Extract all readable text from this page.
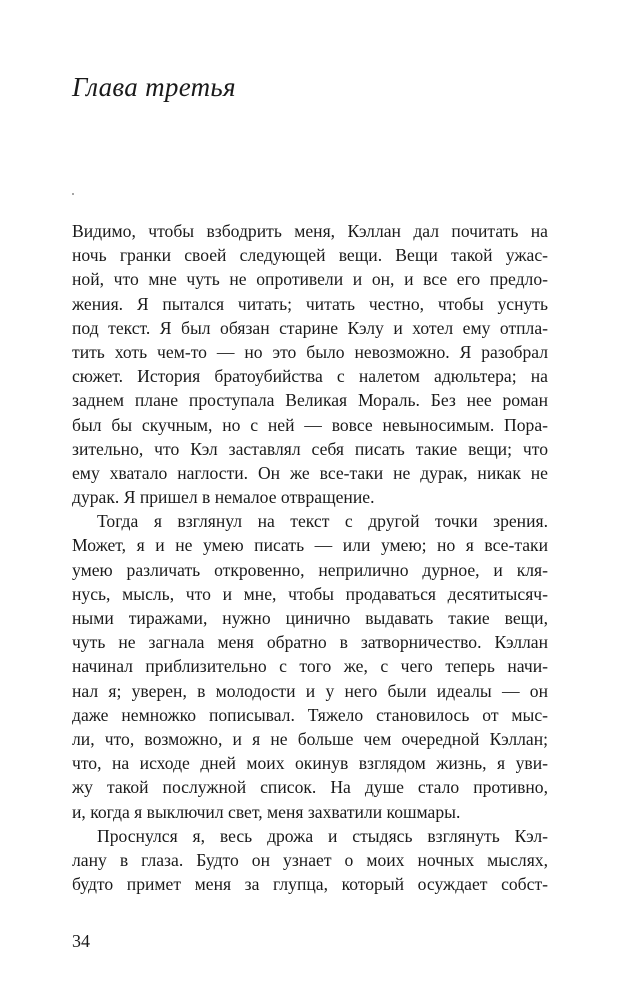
Глава третья
Видимо, чтобы взбодрить меня, Кэллан дал почитать на
ночь гранки своей следующей вещи. Вещи такой ужас-
ной, что мне чуть не опротивели и он, и все его предло-
жения. Я пытался читать; читать честно, чтобы уснуть
под текст. Я был обязан старине Кэлу и хотел ему отпла-
тить хоть чем-то — но это было невозможно. Я разобрал
сюжет. История братоубийства с налетом адюльтера; на
заднем плане проступала Великая Мораль. Без нее роман
был бы скучным, но с ней — вовсе невыносимым. Пора-
зительно, что Кэл заставлял себя писать такие вещи; что
ему хватало наглости. Он же все-таки не дурак, никак не
дурак. Я пришел в немалое отвращение.
Тогда я взглянул на текст с другой точки зрения.
Может, я и не умею писать — или умею; но я все-таки
умею различать откровенно, неприлично дурное, и кля-
нусь, мысль, что и мне, чтобы продаваться десятитысяч-
ными тиражами, нужно цинично выдавать такие вещи,
чуть не загнала меня обратно в затворничество. Кэллан
начинал приблизительно с того же, с чего теперь начи-
нал я; уверен, в молодости и у него были идеалы — он
даже немножко пописывал. Тяжело становилось от мыс-
ли, что, возможно, и я не больше чем очередной Кэллан;
что, на исходе дней моих окинув взглядом жизнь, я уви-
жу такой послужной список. На душе стало противно,
и, когда я выключил свет, меня захватили кошмары.
Проснулся я, весь дрожа и стыдясь взглянуть Кэл-
лану в глаза. Будто он узнает о моих ночных мыслях,
будто примет меня за глупца, который осуждает собст-
34
